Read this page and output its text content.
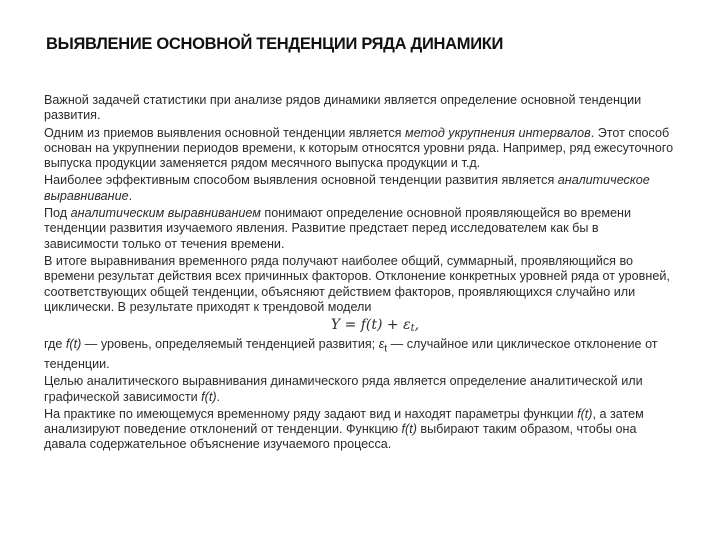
ВЫЯВЛЕНИЕ ОСНОВНОЙ ТЕНДЕНЦИИ РЯДА ДИНАМИКИ

Важной задачей статистики при анализе рядов динамики является определение основной тенденции развития.

Одним из приемов выявления основной тенденции является метод укрупнения интервалов. Этот способ основан на укрупнении периодов времени, к которым относятся уровни ряда. Например, ряд ежесуточного выпуска продукции заменяется рядом месячного выпуска продукции и т.д.

Наиболее эффективным способом выявления основной тенденции развития является аналитическое выравнивание.

Под аналитическим выравниванием понимают определение основной проявляющейся во времени тенденции развития изучаемого явления. Развитие предстает перед исследователем как бы в зависимости только от течения времени.

В итоге выравнивания временного ряда получают наиболее общий, суммарный, проявляющийся во времени результат действия всех причинных факторов. Отклонение конкретных уровней ряда от уровней, соответствующих общей тенденции, объясняют действием факторов, проявляющихся случайно или циклически. В результате приходят к трендовой модели

$Y = f(t) + \varepsilon_t$,

где f(t) — уровень, определяемый тенденцией развития; $\varepsilon_t$ — случайное или циклическое отклонение от тенденции.

Целью аналитического выравнивания динамического ряда является определение аналитической или графической зависимости f(t).

На практике по имеющемуся временному ряду задают вид и находят параметры функции f(t), а затем анализируют поведение отклонений от тенденции. Функцию f(t) выбирают таким образом, чтобы она давала содержательное объяснение изучаемого процесса.
